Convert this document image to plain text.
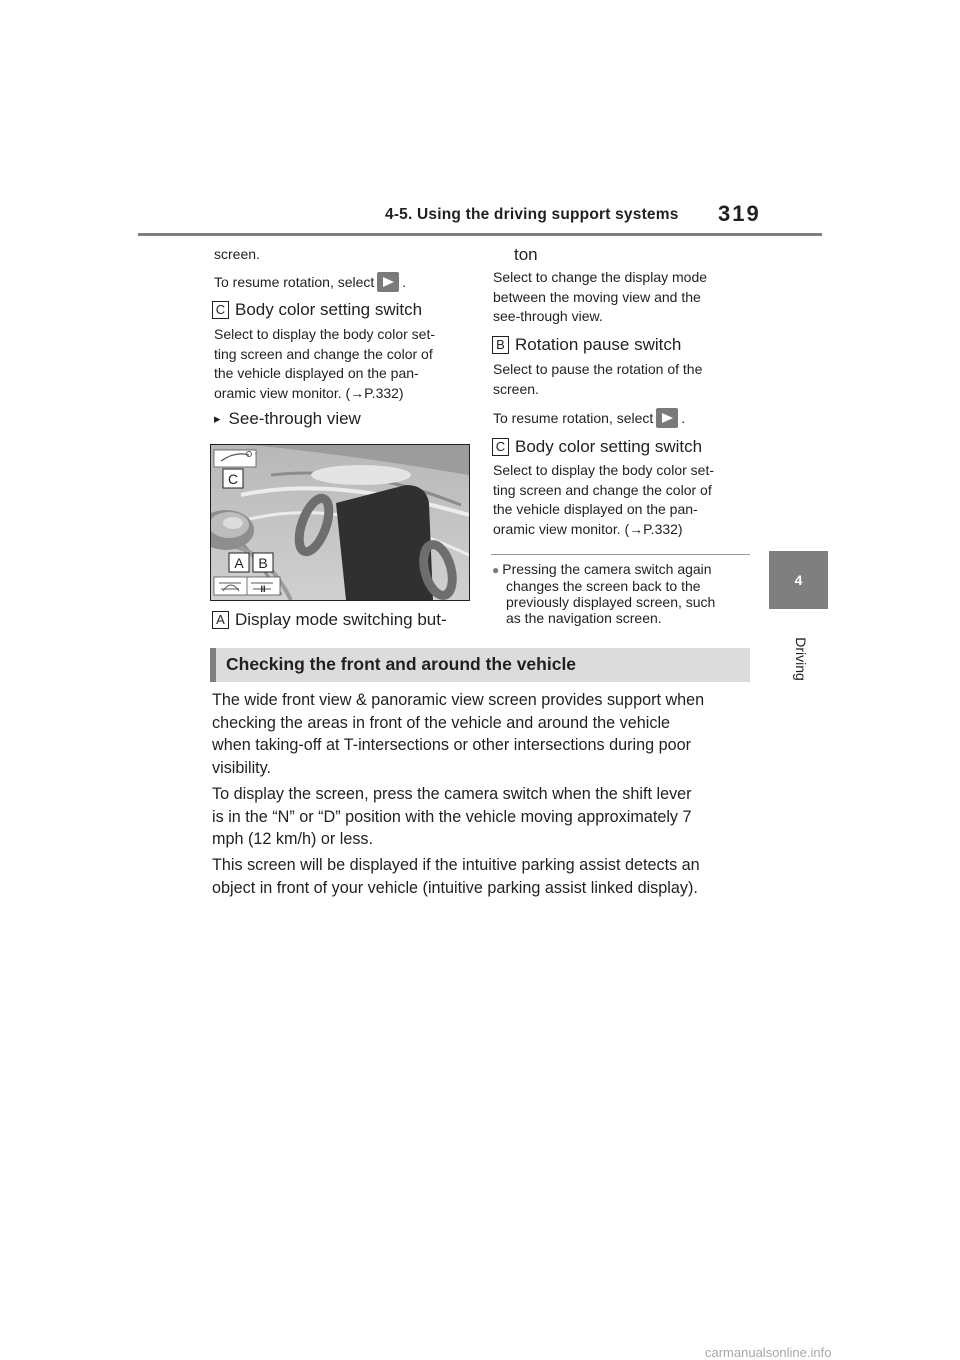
4-5. Using the driving support systems 319
4
Driving
screen.
To resume rotation, select .
C Body color setting switch
Select to display the body color set-
ting screen and change the color of
the vehicle displayed on the pan-
oramic view monitor. (→P.332)
▸ See-through view
C
A B
II
A Display mode switching but-
ton
Select to change the display mode
between the moving view and the
see-through view.
B Rotation pause switch
Select to pause the rotation of the
screen.
To resume rotation, select .
C Body color setting switch
Select to display the body color set-
ting screen and change the color of
the vehicle displayed on the pan-
oramic view monitor. (→P.332)
● Pressing the camera switch again
changes the screen back to the
previously displayed screen, such
as the navigation screen.
Checking the front and around the vehicle
The wide front view & panoramic view screen provides support when
checking the areas in front of the vehicle and around the vehicle
when taking-off at T-intersections or other intersections during poor
visibility.
To display the screen, press the camera switch when the shift lever
is in the “N” or “D” position with the vehicle moving approximately 7
mph (12 km/h) or less.
This screen will be displayed if the intuitive parking assist detects an
object in front of your vehicle (intuitive parking assist linked display).
carmanualsonline.info
